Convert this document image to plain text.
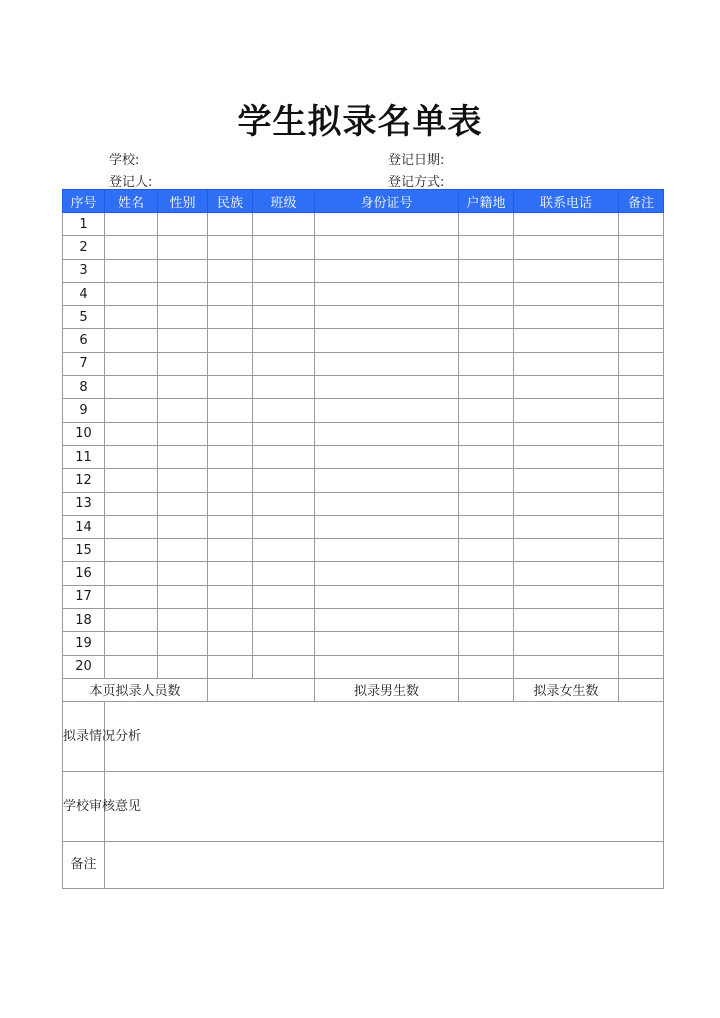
学生拟录名单表
学校:	登记日期:
登记人:	登记方式:
序号	姓名	性别	民族	班级	身份证号	户籍地	联系电话	备注
1								
2								
3								
4								
5								
6								
7								
8								
9								
10								
11								
12								
13								
14								
15								
16								
17								
18								
19								
20								
本页拟录人员数					拟录男生数		拟录女生数	
拟录情况分析								
学校审核意见								
备注								
